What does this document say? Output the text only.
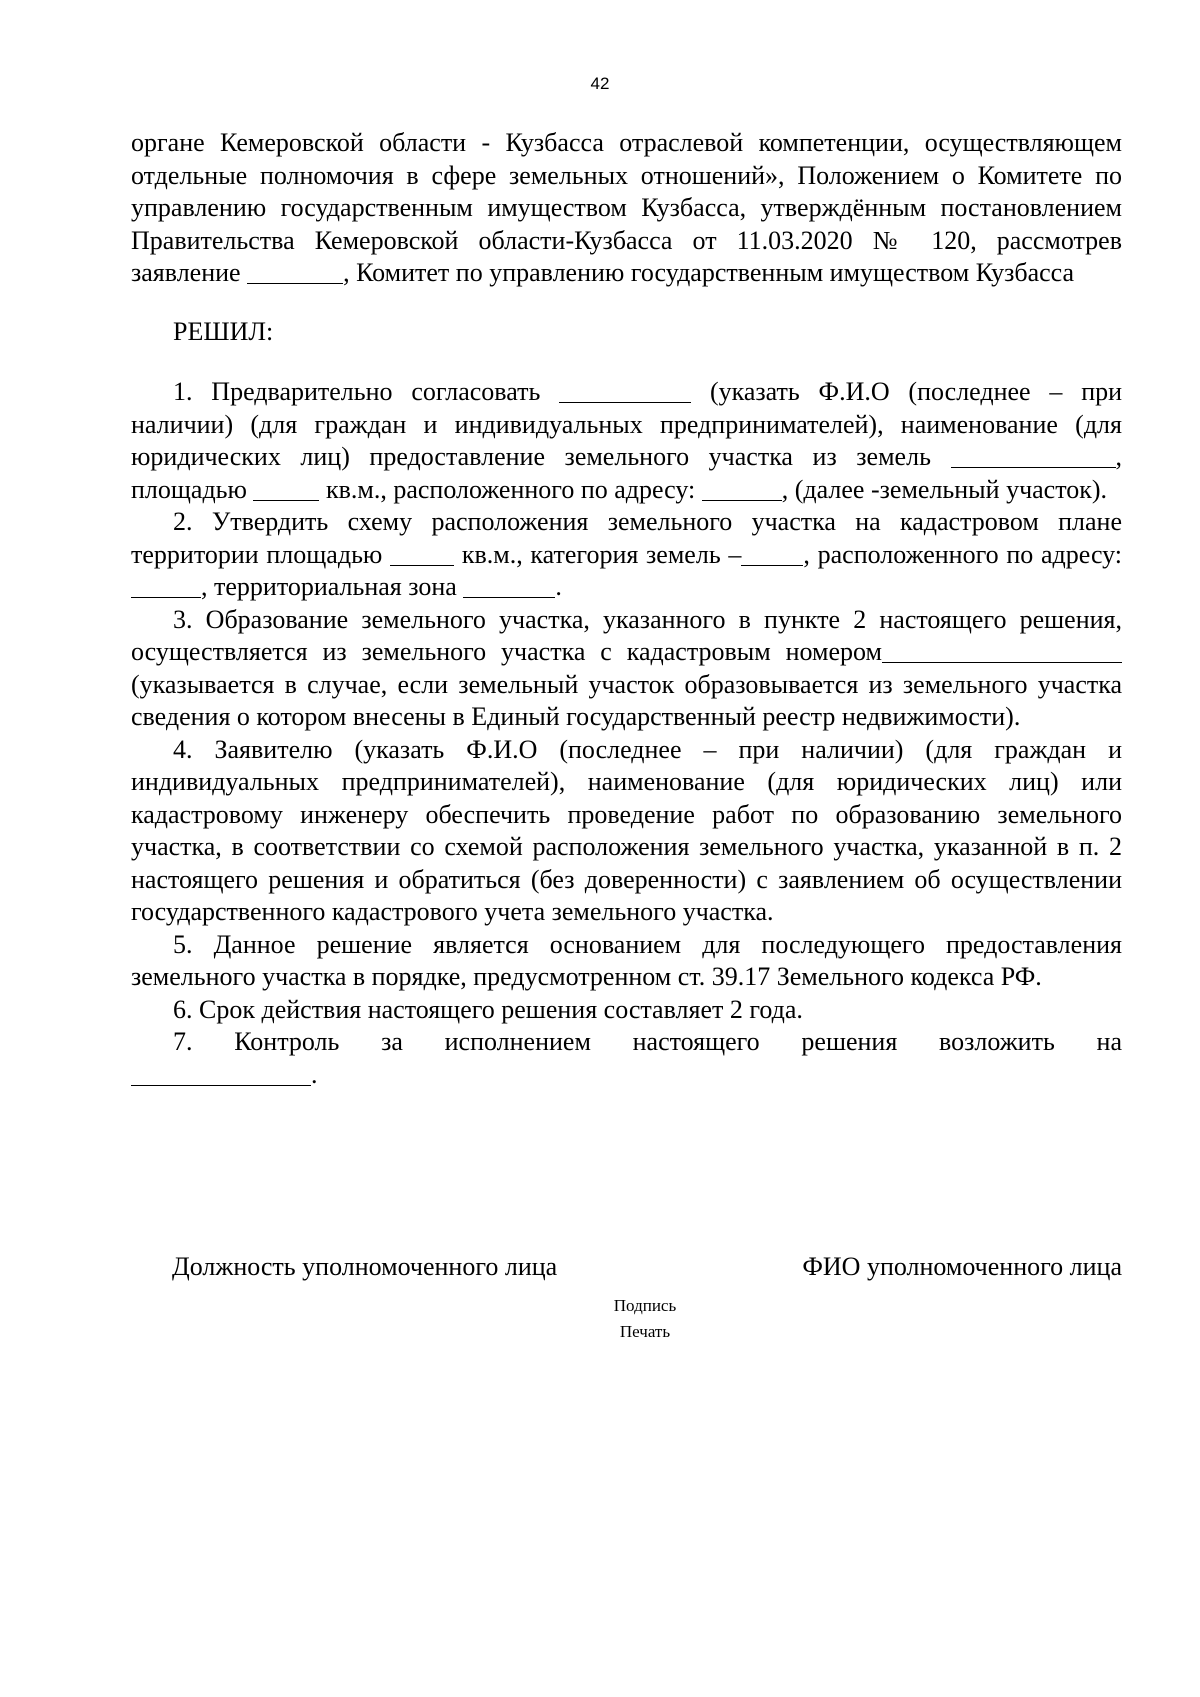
42

органе Кемеровской области - Кузбасса отраслевой компетенции, осуществляющем отдельные полномочия в сфере земельных отношений», Положением о Комитете по управлению государственным имуществом Кузбасса, утверждённым постановлением Правительства Кемеровской области-Кузбасса от 11.03.2020 № 120, рассмотрев заявление	, Комитет по управлению государственным имуществом Кузбасса

РЕШИЛ:

1. Предварительно согласовать	(указать Ф.И.О (последнее – при наличии) (для граждан и индивидуальных предпринимателей), наименование (для юридических лиц) предоставление земельного участка из земель	, площадью	кв.м., расположенного по адресу:	, (далее -земельный участок).

2. Утвердить схему расположения земельного участка на кадастровом плане территории площадью	кв.м., категория земель – , расположенного по адресу: , территориальная зона	.

3. Образование земельного участка, указанного в пункте 2 настоящего решения, осуществляется из земельного участка с кадастровым номером(указывается в случае, если земельный участок образовывается из земельного участка сведения о котором внесены в Единый государственный реестр недвижимости).

4. Заявителю (указать Ф.И.О (последнее – при наличии) (для граждан и индивидуальных предпринимателей), наименование (для юридических лиц) или кадастровому инженеру обеспечить проведение работ по образованию земельного участка, в соответствии со схемой расположения земельного участка, указанной в п. 2 настоящего решения и обратиться (без доверенности) с заявлением об осуществлении государственного кадастрового учета земельного участка.

5. Данное решение является основанием для последующего предоставления земельного участка в порядке, предусмотренном ст. 39.17 Земельного кодекса РФ.

6. Срок действия настоящего решения составляет 2 года.

7. Контроль за исполнением настоящего решения возложить на

.

Должность уполномоченного лица	ФИО уполномоченного лица
Подпись
Печать
